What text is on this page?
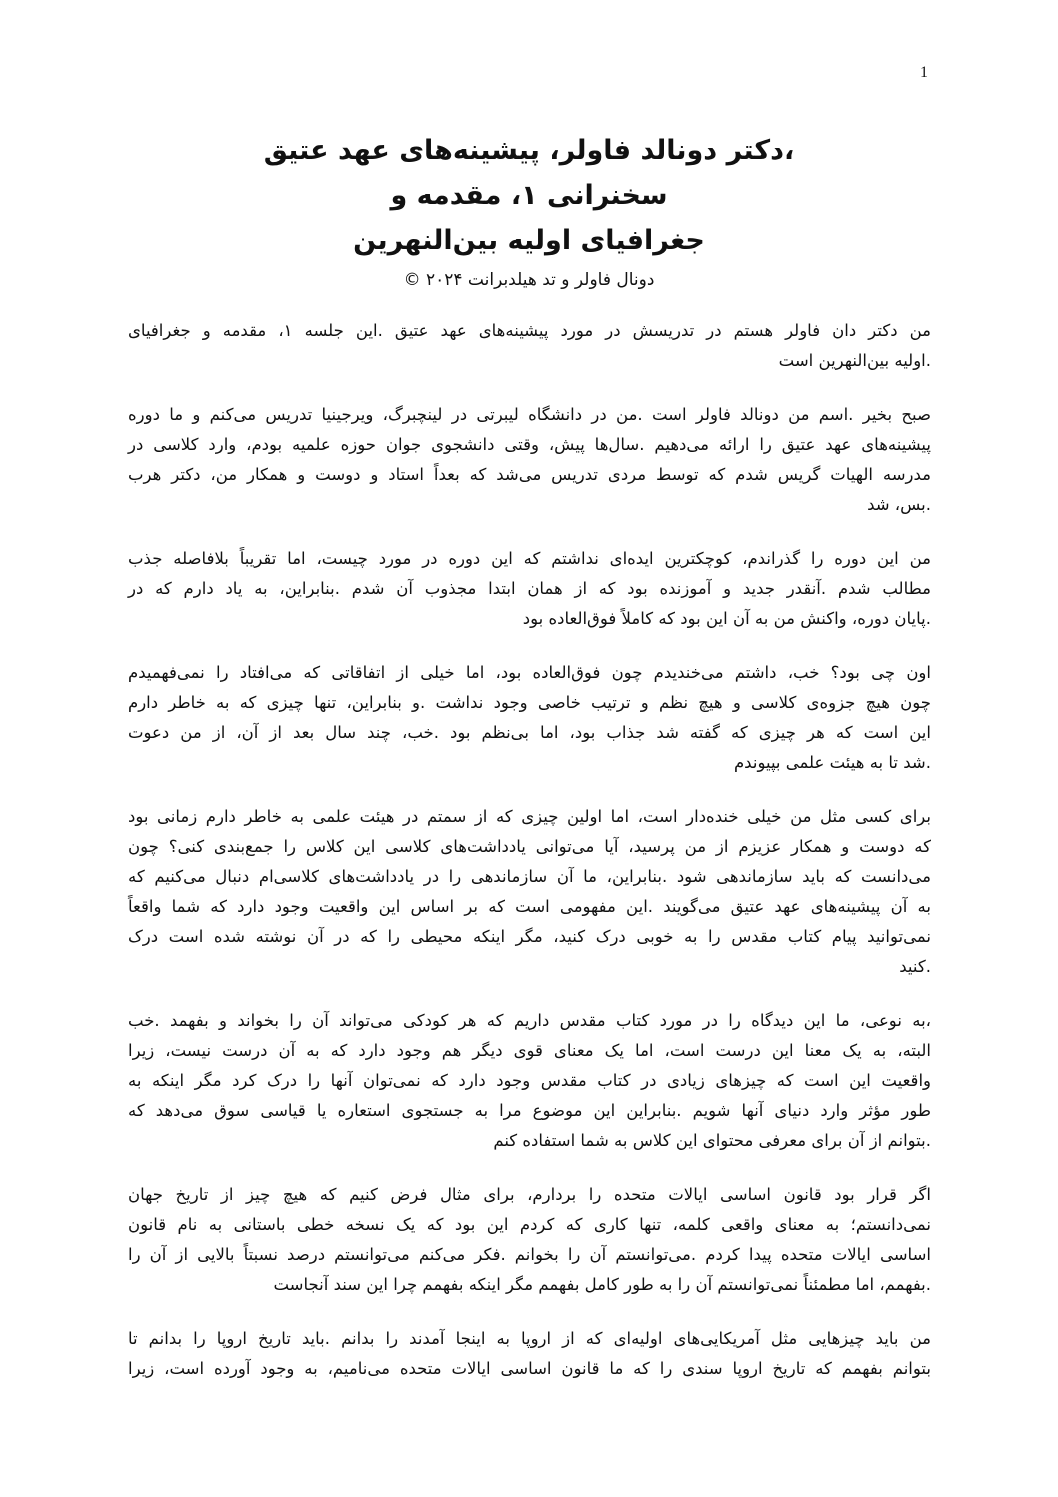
1
،دکتر دونالد فاولر، پیشینه‌های عهد عتیق
سخنرانی ۱، مقدمه و
جغرافیای اولیه بین‌النهرین
دونال فاولر و تد هیلدبرانت ۲۰۲۴ ©
من دکتر دان فاولر هستم در تدریسش در مورد پیشینه‌های عهد عتیق .این جلسه ۱، مقدمه و جغرافیای
.اولیه بین‌النهرین است
صبح بخیر .اسم من دونالد فاولر است .من در دانشگاه لیبرتی در لینچبرگ، ویرجینیا تدریس می‌کنم و ما دوره
پیشینه‌های عهد عتیق را ارائه می‌دهیم .سال‌ها پیش، وقتی دانشجوی جوان حوزه علمیه بودم، وارد کلاسی در
مدرسه الهیات گریس شدم که توسط مردی تدریس می‌شد که بعداً استاد و دوست و همکار من، دکتر هرب
.بس، شد
من این دوره را گذراندم، کوچکترین ایده‌ای نداشتم که این دوره در مورد چیست، اما تقریباً بلافاصله جذب
مطالب شدم .آنقدر جدید و آموزنده بود که از همان ابتدا مجذوب آن شدم .بنابراین، به یاد دارم که در
.پایان دوره، واکنش من به آن این بود که کاملاً فوق‌العاده بود
اون چی بود؟ خب، داشتم می‌خندیدم چون فوق‌العاده بود، اما خیلی از اتفاقاتی که می‌افتاد را نمی‌فهمیدم
چون هیچ جزوه‌ی کلاسی و هیچ نظم و ترتیب خاصی وجود نداشت .و بنابراین، تنها چیزی که به خاطر دارم
این است که هر چیزی که گفته شد جذاب بود، اما بی‌نظم بود .خب، چند سال بعد از آن، از من دعوت
.شد تا به هیئت علمی بپیوندم
برای کسی مثل من خیلی خنده‌دار است، اما اولین چیزی که از سمتم در هیئت علمی به خاطر دارم زمانی بود
که دوست و همکار عزیزم از من پرسید، آیا می‌توانی یادداشت‌های کلاسی این کلاس را جمع‌بندی کنی؟ چون
می‌دانست که باید سازماندهی شود .بنابراین، ما آن سازماندهی را در یادداشت‌های کلاسی‌ام دنبال می‌کنیم که
به آن پیشینه‌های عهد عتیق می‌گویند .این مفهومی است که بر اساس این واقعیت وجود دارد که شما واقعاً
نمی‌توانید پیام کتاب مقدس را به خوبی درک کنید، مگر اینکه محیطی را که در آن نوشته شده است درک
.کنید
،به نوعی، ما این دیدگاه را در مورد کتاب مقدس داریم که هر کودکی می‌تواند آن را بخواند و بفهمد .خب
البته، به یک معنا این درست است، اما یک معنای قوی دیگر هم وجود دارد که به آن درست نیست، زیرا
واقعیت این است که چیزهای زیادی در کتاب مقدس وجود دارد که نمی‌توان آنها را درک کرد مگر اینکه به
طور مؤثر وارد دنیای آنها شویم .بنابراین این موضوع مرا به جستجوی استعاره یا قیاسی سوق می‌دهد که
.بتوانم از آن برای معرفی محتوای این کلاس به شما استفاده کنم
اگر قرار بود قانون اساسی ایالات متحده را بردارم، برای مثال فرض کنیم که هیچ چیز از تاریخ جهان
نمی‌دانستم؛ به معنای واقعی کلمه، تنها کاری که کردم این بود که یک نسخه خطی باستانی به نام قانون
اساسی ایالات متحده پیدا کردم .می‌توانستم آن را بخوانم .فکر می‌کنم می‌توانستم درصد نسبتاً بالایی از آن را
.بفهمم، اما مطمئناً نمی‌توانستم آن را به طور کامل بفهمم مگر اینکه بفهمم چرا این سند آنجاست
من باید چیزهایی مثل آمریکایی‌های اولیه‌ای که از اروپا به اینجا آمدند را بدانم .باید تاریخ اروپا را بدانم تا
بتوانم بفهمم که تاریخ اروپا سندی را که ما قانون اساسی ایالات متحده می‌نامیم، به وجود آورده است، زیرا
